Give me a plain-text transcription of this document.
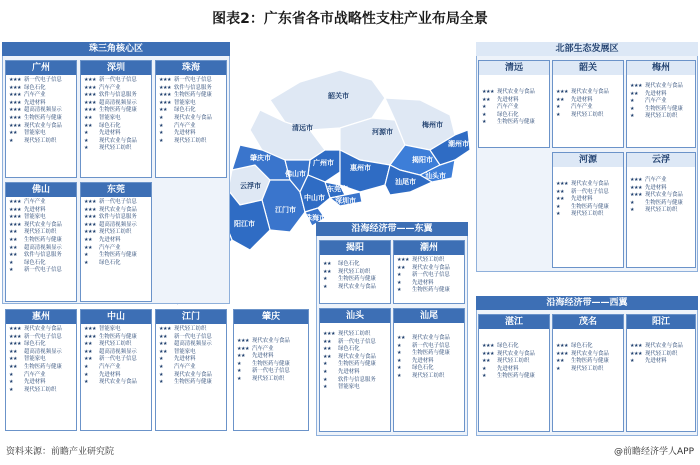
图表2：广东省各市战略性支柱产业布局全景
韶关市
清远市	河源市
梅州市
肇庆市
广州市
惠州市
揭阳市
潮州市
汕头市
汕尾市
佛山市
东莞市
深圳市
云浮市
江门市
中山市
珠海市
阳江市
珠三角核心区
广州
★★★ 新一代电子信息
★★★ 绿色石化
★★★ 汽车产业
★★★ 先进材料
★★★ 超高清视频显示
★★★ 生物医药与健康
★★★ 现代农业与食品
★★ 智能家电
★ 现代轻工纺织
深圳
★★★ 新一代电子信息
★★★ 汽车产业
★★★ 软件与信息服务
★★★ 超高清视频显示
★★★ 生物医药与健康
★★ 智能家电
★★ 绿色石化
★ 先进材料
★ 现代农业与食品
★ 现代轻工纺织
珠海
★★★ 新一代电子信息
★★★ 软件与信息服务
★★★ 生物医药与健康
★★★ 智能家电
★★ 绿色石化
★ 现代农业与食品
★ 汽车产业
★ 先进材料
★ 现代轻工纺织
佛山
★★★ 汽车产业
★★★ 先进材料
★★★ 智能家电
★★★ 现代农业与食品
★★ 现代轻工纺织
★★ 生物医药与健康
★★ 超高清视频显示
★★ 软件与信息服务
★ 绿色石化
★ 新一代电子信息
东莞
★★★ 新一代电子信息
★★★ 现代农业与食品
★★★ 软件与信息服务
★★★ 超高清视频显示
★★★ 现代轻工纺织
★★ 先进材料
★★ 汽车产业
★ 生物医药与健康
★ 绿色石化
惠州
★★★ 现代农业与食品
★★★ 新一代电子信息
★★★ 绿色石化
★★ 超高清视频显示
★★ 智能家电
★★ 生物医药与健康
★ 汽车产业
★ 先进材料
★ 现代轻工纺织
中山
★★★ 智能家电
★★★ 生物医药与健康
★★ 现代轻工纺织
★★ 超高清视频显示
★★ 新一代电子信息
★ 汽车产业
★ 先进材料
★ 现代农业与食品
江门
★★★ 现代轻工纺织
★★ 新一代电子信息
★★ 超高清视频显示
★★ 智能家电
★ 先进材料
★ 汽车产业
★ 现代农业与食品
★ 生物医药与健康
肇庆
★★★ 现代农业与食品
★★★ 汽车产业
★★ 先进材料
★ 生物医药与健康
★ 新一代电子信息
★ 现代轻工纺织
北部生态发展区
清远
★★★ 现代农业与食品
★★ 先进材料
★ 汽车产业
★ 绿色石化
★ 生物医药与健康
韶关
★★★ 现代农业与食品
★★ 先进材料
★ 汽车产业
★ 现代轻工纺织
梅州
★★★ 现代农业与食品
★★ 先进材料
★ 汽车产业
★ 生物医药与健康
★ 现代轻工纺织
河源
★★★ 现代农业与食品
★★ 新一代电子信息
★★ 先进材料
★ 生物医药与健康
★ 现代轻工纺织
云浮
★★★ 汽车产业
★★★ 先进材料
★★★ 现代农业与食品
★ 生物医药与健康
★ 现代轻工纺织
沿海经济带——东翼
揭阳
★★ 绿色石化
★★ 现代轻工纺织
★ 生物医药与健康
★ 现代农业与食品
潮州
★★★ 现代轻工纺织
★★ 现代农业与食品
★ 新一代电子信息
★ 先进材料
★ 生物医药与健康
汕头
★★★ 现代轻工纺织
★★ 新一代电子信息
★★ 绿色石化
★★ 现代农业与食品
★ 生物医药与健康
★ 先进材料
★ 软件与信息服务
★ 智能家电
汕尾
★★ 现代农业与食品
★ 新一代电子信息
★ 生物医药与健康
★ 先进材料
★ 绿色石化
★ 现代轻工纺织
沿海经济带——西翼
湛江
★★★ 绿色石化
★★★ 现代农业与食品
★★ 现代轻工纺织
★ 先进材料
★ 生物医药与健康
茂名
★★★ 绿色石化
★★★ 现代农业与食品
★★ 生物医药与健康
★ 现代轻工纺织
阳江
★★★ 现代农业与食品
★★★ 现代轻工纺织
★ 先进材料
资料来源：前瞻产业研究院	@前瞻经济学人APP
